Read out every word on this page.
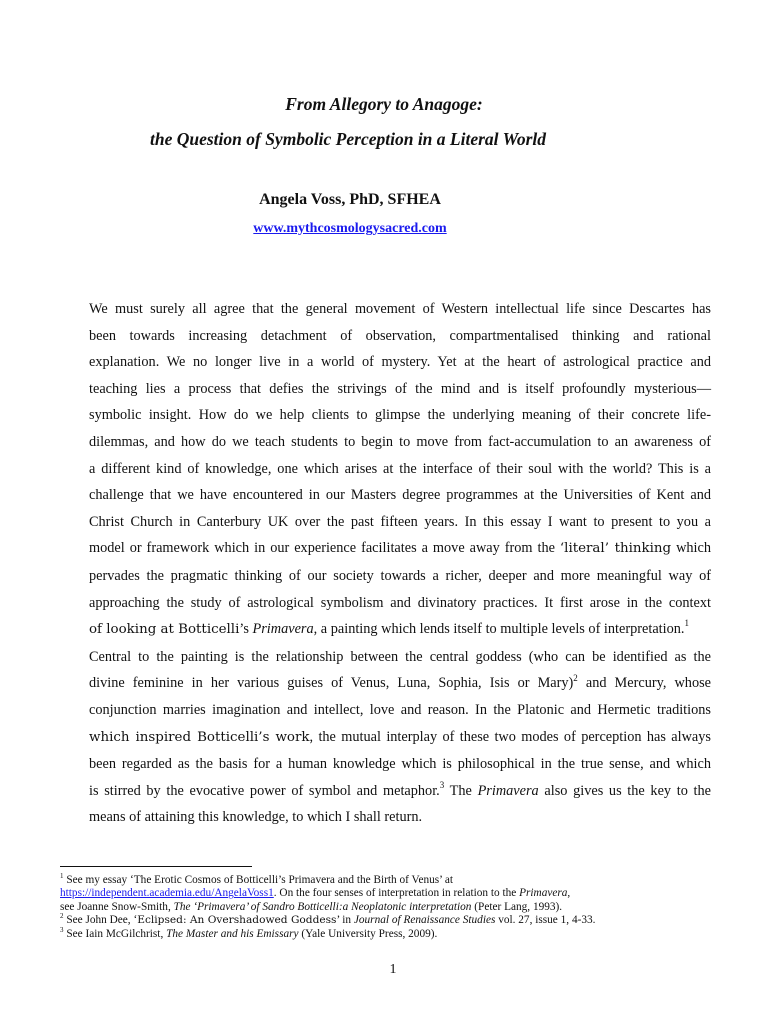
From Allegory to Anagoge:
the Question of Symbolic Perception in a Literal World
Angela Voss, PhD, SFHEA
www.mythcosmologysacred.com
We must surely all agree that the general movement of Western intellectual life since Descartes has
been towards increasing detachment of observation, compartmentalised thinking and rational
explanation. We no longer live in a world of mystery. Yet at the heart of astrological practice and
teaching lies a process that defies the strivings of the mind and is itself profoundly mysterious—
symbolic insight. How do we help clients to glimpse the underlying meaning of their concrete life-
dilemmas, and how do we teach students to begin to move from fact-accumulation to an awareness of
a different kind of knowledge, one which arises at the interface of their soul with the world? This is a
challenge that we have encountered in our Masters degree programmes at the Universities of Kent and
Christ Church in Canterbury UK over the past fifteen years. In this essay I want to present to you a
model or framework which in our experience facilitates a move away from the ‘literal’ thinking which
pervades the pragmatic thinking of our society towards a richer, deeper and more meaningful way of
approaching the study of astrological symbolism and divinatory practices. It first arose in the context
of looking at Botticelli’s Primavera, a painting which lends itself to multiple levels of interpretation.$^1$
Central to the painting is the relationship between the central goddess (who can be identified as the
divine feminine in her various guises of Venus, Luna, Sophia, Isis or Mary)$^2$ and Mercury, whose
conjunction marries imagination and intellect, love and reason. In the Platonic and Hermetic traditions
which inspired Botticelli’s work, the mutual interplay of these two modes of perception has always
been regarded as the basis for a human knowledge which is philosophical in the true sense, and which
is stirred by the evocative power of symbol and metaphor.$^3$ The Primavera also gives us the key to the
means of attaining this knowledge, to which I shall return.
$^1$ See my essay ‘The Erotic Cosmos of Botticelli’s Primavera and the Birth of Venus’ at
https://independent.academia.edu/AngelaVoss1. On the four senses of interpretation in relation to the Primavera,
see Joanne Snow-Smith, The ‘Primavera’ of Sandro Botticelli:a Neoplatonic interpretation (Peter Lang, 1993).
$^2$ See John Dee, ‘Eclipsed: An Overshadowed Goddess’ in Journal of Renaissance Studies vol. 27, issue 1, 4-33.
$^3$ See Iain McGilchrist, The Master and his Emissary (Yale University Press, 2009).
1
